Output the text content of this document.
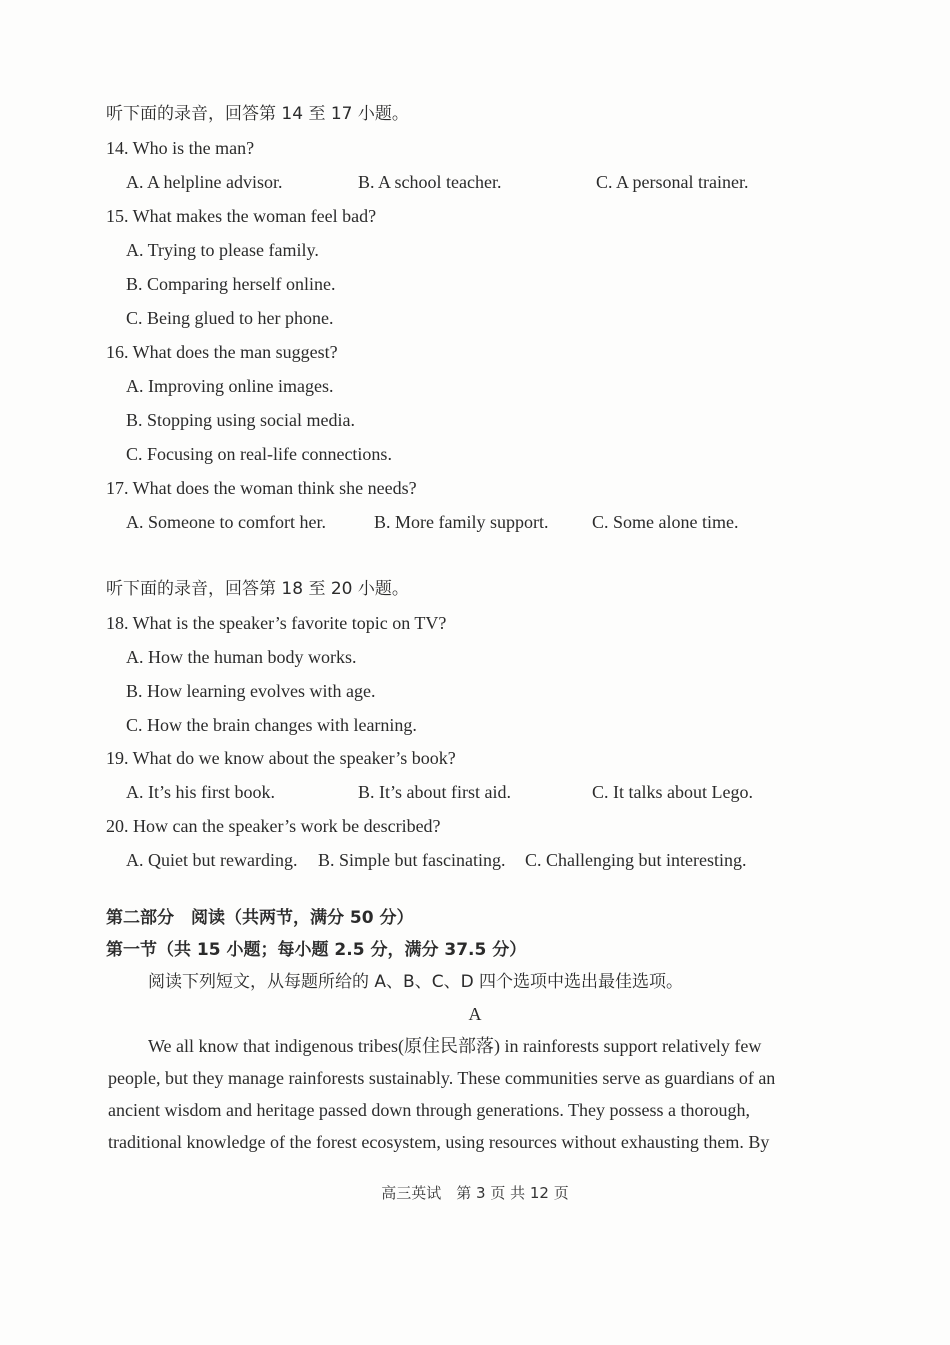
听下面的录音，回答第 14 至 17 小题。
14. Who is the man?
A. A helpline advisor.	B. A school teacher.	C. A personal trainer.
15. What makes the woman feel bad?
A. Trying to please family.
B. Comparing herself online.
C. Being glued to her phone.
16. What does the man suggest?
A. Improving online images.
B. Stopping using social media.
C. Focusing on real-life connections.
17. What does the woman think she needs?
A. Someone to comfort her.	B. More family support. C. Some alone time.
听下面的录音，回答第 18 至 20 小题。
18. What is the speaker’s favorite topic on TV?
A. How the human body works.
B. How learning evolves with age.
C. How the brain changes with learning.
19. What do we know about the speaker’s book?
A. It’s his first book.	B. It’s about first aid.	C. It talks about Lego.
20. How can the speaker’s work be described?
A. Quiet but rewarding. B. Simple but fascinating. C. Challenging but interesting.
第二部分　阅读（共两节，满分 50 分）
第一节（共 15 小题；每小题 2.5 分，满分 37.5 分）
阅读下列短文，从每题所给的 A、B、C、D 四个选项中选出最佳选项。
A
We all know that indigenous tribes(原住民部落) in rainforests support relatively few
people, but they manage rainforests sustainably. These communities serve as guardians of an
ancient wisdom and heritage passed down through generations. They possess a thorough,
traditional knowledge of the forest ecosystem, using resources without exhausting them. By
高三英试　第 3 页 共 12 页
